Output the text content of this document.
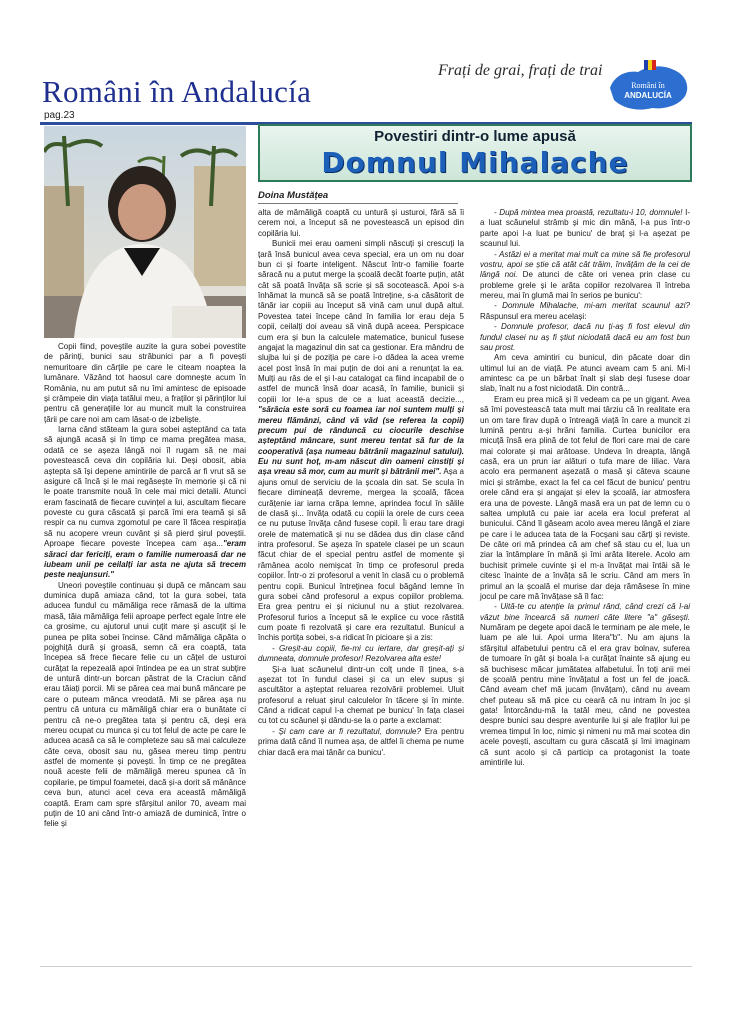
Români în Andalucía
pag.23
Frați de grai, frați de trai
Români în
ANDALUCÍA
Povestiri dintr-o lume apusă
Domnul Mihalache
Doina Mustățea

Copii fiind, poveștile auzite la gura sobei povestite de părinți, bunici sau străbunici par a fi povești nemuritoare din cărțile pe care le citeam noaptea la lumânare. Văzând tot haosul care domnește acum în România, nu am putut să nu îmi amintesc de episoade și crâmpeie din viața tatălui meu, a fraților și părinților lui pentru că generațiile lor au muncit mult la construirea țării pe care noi am cam lăsat-o de izbeliște.

Iarna când stăteam la gura sobei așteptând ca tata să ajungă acasă și în timp ce mama pregătea masa, odată ce se așeza lângă noi îl rugam să ne mai povestească ceva din copilăria lui. Deși obosit, abia aștepta să își depene amintirile de parcă ar fi vrut să se asigure că încă și le mai regăsește în memorie și că ni le poate transmite nouă în cele mai mici detalii. Atunci eram fascinată de fiecare cuvințel a lui, ascultam fiecare poveste cu gura căscată și parcă îmi era teamă și să respir ca nu cumva zgomotul pe care îl făcea respirația să nu acopere vreun cuvânt și să pierd șirul poveștii. Aproape fiecare poveste începea cam așa..."eram săraci dar fericiți, eram o familie numeroasă dar ne iubeam unii pe ceilalți iar asta ne ajuta să trecem peste neajunsuri."

Uneori poveștile continuau și după ce mâncam sau duminica după amiaza când, tot la gura sobei, tata aducea fundul cu mămăliga rece rămasă de la ultima masă, tăia mămăliga felii aproape perfect egale între ele ca grosime, cu ajutorul unui cuțit mare și ascuțit și le punea pe plita sobei încinse. Când mămăliga căpăta o pojghiță dură și groasă, semn că era coaptă, tata începea să frece fiecare felie cu un cățel de usturoi curățat la repezeală apoi întindea pe ea un strat subțire de untură dintr-un borcan păstrat de la Craciun când erau tăiați porcii. Mi se părea cea mai bună mâncare pe care o puteam mânca vreodată. Mi se părea așa nu pentru că untura cu mămăligă chiar era o bunătate ci pentru că ne-o pregătea tata și pentru că, deși era mereu ocupat cu munca și cu tot felul de acte pe care le aducea acasă ca să le completeze sau să mai calculeze câte ceva, obosit sau nu, găsea mereu timp pentru astfel de momente și povești. În timp ce ne pregătea nouă aceste felii de mămăligă mereu spunea că în copilarie, pe timpul foametei, dacă și-a dorit să mănânce ceva bun, atunci acel ceva era această mămăligă coaptă. Eram cam spre sfârșitul anilor 70, aveam mai puțin de 10 ani când într-o amiază de duminică, între o felie și

alta de mămăligă coaptă cu untură și usturoi, fără să îi cerem noi, a început să ne povestească un episod din copilăria lui.

Bunicii mei erau oameni simpli născuți și crescuți la țară însă bunicul avea ceva special, era un om nu doar bun ci și foarte inteligent. Născut într-o familie foarte săracă nu a putut merge la școală decât foarte puțin, atât cât să poată învăța să scrie și să socotească. Apoi s-a înhămat la muncă să se poată întreține, s-a căsătorit de tânăr iar copiii au început să vină cam unul după altul. Povestea tatei începe când în familia lor erau deja 5 copii, ceilalți doi aveau să vină după aceea. Perspicace cum era și bun la calculele matematice, bunicul fusese angajat la magazinul din sat ca gestionar. Era mândru de slujba lui și de poziția pe care i-o dădea la acea vreme acel post însă în mai puțin de doi ani a renunțat la ea. Mulți au râs de el și l-au catalogat ca fiind incapabil de o astfel de muncă însă doar acasă, în familie, bunicii și copiii lor le-a spus de ce a luat această decizie..., "sărăcia este soră cu foamea iar noi suntem mulți și mereu flămânzi, când vă văd (se referea la copii) precum pui de rânduncă cu ciocurile deschise așteptând mâncare, sunt mereu tentat să fur de la cooperativă (așa numeau bătrânii magazinul satului). Eu nu sunt hoț, m-am născut din oameni cinstiți și așa vreau să mor, cum au murit și bătrânii mei". Așa a ajuns omul de serviciu de la școala din sat. Se scula în fiecare dimineață devreme, mergea la școală, făcea curățenie iar iarna crăpa lemne, aprindea focul în sălile de clasă și... învăța odată cu copiii la orele de curs ceea ce nu putuse învăța când fusese copil. Îi erau tare dragi orele de matematică și nu se dădea dus din clase când intra profesorul. Se așeza în spatele clasei pe un scaun făcut chiar de el special pentru astfel de momente și rămânea acolo nemișcat în timp ce profesorul preda copiilor. Într-o zi profesorul a venit în clasă cu o problemă pentru copii. Bunicul întrețineа focul băgând lemne în gura sobei când profesorul a expus copiilor problema. Era grea pentru ei și niciunul nu a știut rezolvarea. Profesorul furios a început să le explice cu voce răstită cum poate fi rezolvată și care era rezultatul. Bunicul a închis portița sobei, s-a ridicat în picioare și a zis:

- Greșit-au copiii, fie-mi cu iertare, dar greșit-ați și dumneata, domnule profesor! Rezolvarea alta este!

Și-a luat scăunelul dintr-un colț unde îl ținea, s-a așezat tot în fundul clasei și ca un elev supus și ascultător a așteptat reluarea rezolvării problemei. Uluit profesorul a reluat șirul calculelor în tăcere și în minte. Când a ridicat capul l-a chemat pe bunicu' în fața clasei cu tot cu scăunel și dându-se la o parte a exclamat:

- Și cam care ar fi rezultatul, domnule? Era pentru prima dată când îl numea așa, de altfel îi chema pe nume chiar dacă era mai tânăr ca bunicu'.

- După mintea mea proastă, rezultatu-i 10, domnule! I-a luat scăunelul strâmb și mic din mână, l-a pus într-o parte apoi l-a luat pe bunicu' de braț și l-a așezat pe scaunul lui.

- Astăzi ei a meritat mai mult ca mine să fie profesorul vostru, apoi se știe că atât cât trăim, învățăm de la cei de lângă noi. De atunci de câte ori venea prin clase cu probleme grele și le arăta copiilor rezolvarea îl întreba mereu, mai în glumă mai în serios pe bunicu':

- Domnule Mihalache, mi-am meritat scaunul azi? Răspunsul era mereu același:

- Domnule profesor, dacă nu ți-aș fi fost elevul din fundul clasei nu aș fi știut niciodată dacă eu am fost bun sau prost.

Am ceva amintiri cu bunicul, din păcate doar din ultimul lui an de viață. Pe atunci aveam cam 5 ani. Mi-l amintesc ca pe un bărbat înalt și slab deși fusese doar slab, înalt nu a fost niciodată. Din contră...

Eram eu prea mică și îl vedeam ca pe un gigant. Avea să îmi povestească tata mult mai târziu că în realitate era un om tare firav după o întreagă viață în care a muncit zi lumină pentru a-și hrăni familia. Curtea bunicilor era micuță însă era plină de tot felul de flori care mai de care mai colorate și mai arătoase. Undeva în dreapta, lângă casă, era un prun iar alături o tufa mare de liliac. Vara acolo era permanent așezată o masă și câteva scaune mici și strâmbe, exact la fel ca cel făcut de bunicu' pentru orele când era și angajat și elev la școală, iar atmosfera era una de poveste. Lângă masă era un pat de lemn cu o saltea umplută cu paie iar acela era locul preferat al bunicului. Când îl găseam acolo avea mereu lângă el ziare pe care i le aducea tata de la Focșani sau cărți și reviste. De câte ori mă prindea că am chef să stau cu el, lua un ziar la întâmplare în mână și îmi arăta literele. Acolo am buchisit primele cuvinte și el m-a învățat mai întâi să le citesc înainte de a învăța să le scriu. Când am mers în primul an la școală el murise dar deja rămăsese în mine jocul pe care mă învățase să îl fac:

- Uită-te cu atenție la primul rând, când crezi că l-ai văzut bine încearcă să numeri câte litere "a" găsești. Număram pe degete apoi dacă le terminam pe ale mele, le luam pe ale lui. Apoi urma litera"b". Nu am ajuns la sfârșitul alfabetului pentru că el era grav bolnav, suferea de tumoare în gât și boala l-a curățat înainte să ajung eu să buchisesc măcar jumătatea alfabetului. În toți anii mei de școală pentru mine învățatul a fost un fel de joacă. Când aveam chef mă jucam (învățam), când nu aveam chef puteau să mă pice cu ceară că nu intram în joc și gata! Întorcându-mă la tatăl meu, când ne povestea despre bunici sau despre aventurile lui și ale fraților lui pe vremea timpul în loc, nimic și nimeni nu mă mai scotea din acele povești, ascultam cu gura căscată și îmi imaginam că sunt acolo și că particip ca protagonist la toate amintirile lui.
